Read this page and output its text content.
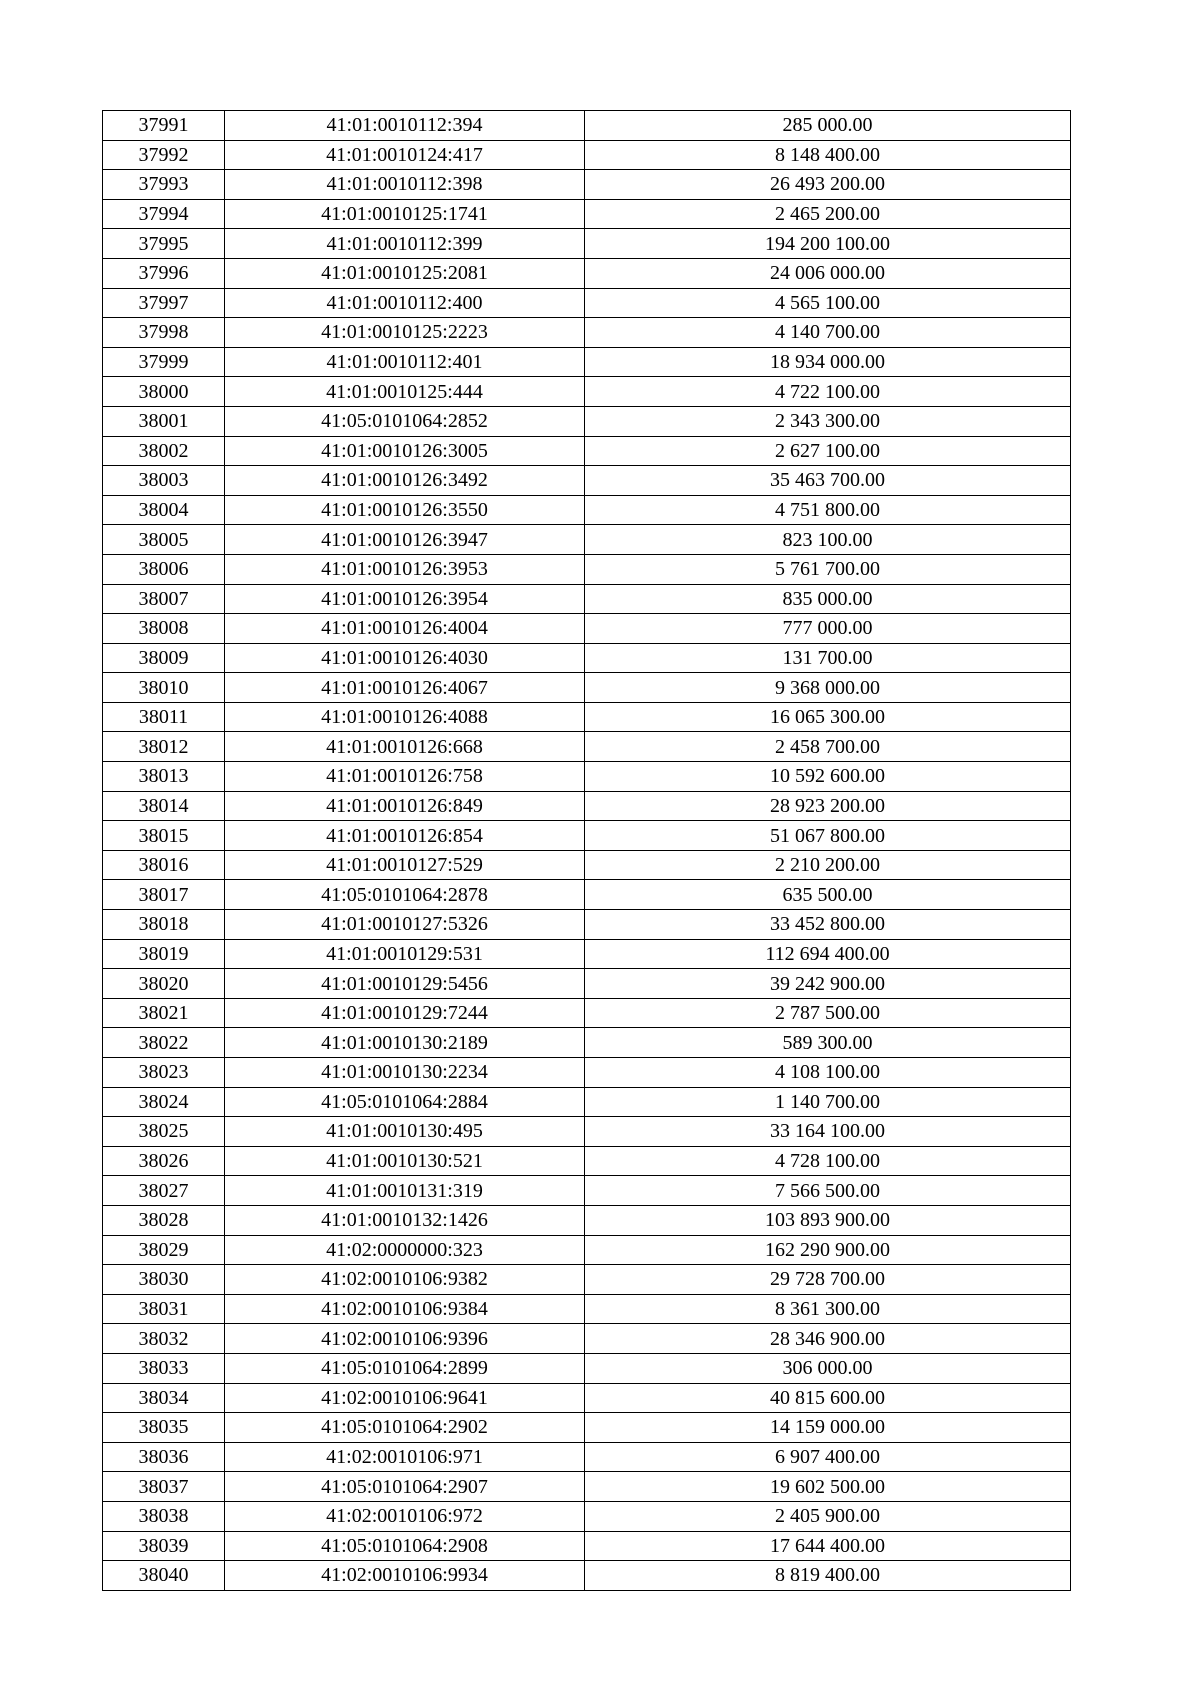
37991	41:01:0010112:394	285 000.00
37992	41:01:0010124:417	8 148 400.00
37993	41:01:0010112:398	26 493 200.00
37994	41:01:0010125:1741	2 465 200.00
37995	41:01:0010112:399	194 200 100.00
37996	41:01:0010125:2081	24 006 000.00
37997	41:01:0010112:400	4 565 100.00
37998	41:01:0010125:2223	4 140 700.00
37999	41:01:0010112:401	18 934 000.00
38000	41:01:0010125:444	4 722 100.00
38001	41:05:0101064:2852	2 343 300.00
38002	41:01:0010126:3005	2 627 100.00
38003	41:01:0010126:3492	35 463 700.00
38004	41:01:0010126:3550	4 751 800.00
38005	41:01:0010126:3947	823 100.00
38006	41:01:0010126:3953	5 761 700.00
38007	41:01:0010126:3954	835 000.00
38008	41:01:0010126:4004	777 000.00
38009	41:01:0010126:4030	131 700.00
38010	41:01:0010126:4067	9 368 000.00
38011	41:01:0010126:4088	16 065 300.00
38012	41:01:0010126:668	2 458 700.00
38013	41:01:0010126:758	10 592 600.00
38014	41:01:0010126:849	28 923 200.00
38015	41:01:0010126:854	51 067 800.00
38016	41:01:0010127:529	2 210 200.00
38017	41:05:0101064:2878	635 500.00
38018	41:01:0010127:5326	33 452 800.00
38019	41:01:0010129:531	112 694 400.00
38020	41:01:0010129:5456	39 242 900.00
38021	41:01:0010129:7244	2 787 500.00
38022	41:01:0010130:2189	589 300.00
38023	41:01:0010130:2234	4 108 100.00
38024	41:05:0101064:2884	1 140 700.00
38025	41:01:0010130:495	33 164 100.00
38026	41:01:0010130:521	4 728 100.00
38027	41:01:0010131:319	7 566 500.00
38028	41:01:0010132:1426	103 893 900.00
38029	41:02:0000000:323	162 290 900.00
38030	41:02:0010106:9382	29 728 700.00
38031	41:02:0010106:9384	8 361 300.00
38032	41:02:0010106:9396	28 346 900.00
38033	41:05:0101064:2899	306 000.00
38034	41:02:0010106:9641	40 815 600.00
38035	41:05:0101064:2902	14 159 000.00
38036	41:02:0010106:971	6 907 400.00
38037	41:05:0101064:2907	19 602 500.00
38038	41:02:0010106:972	2 405 900.00
38039	41:05:0101064:2908	17 644 400.00
38040	41:02:0010106:9934	8 819 400.00
